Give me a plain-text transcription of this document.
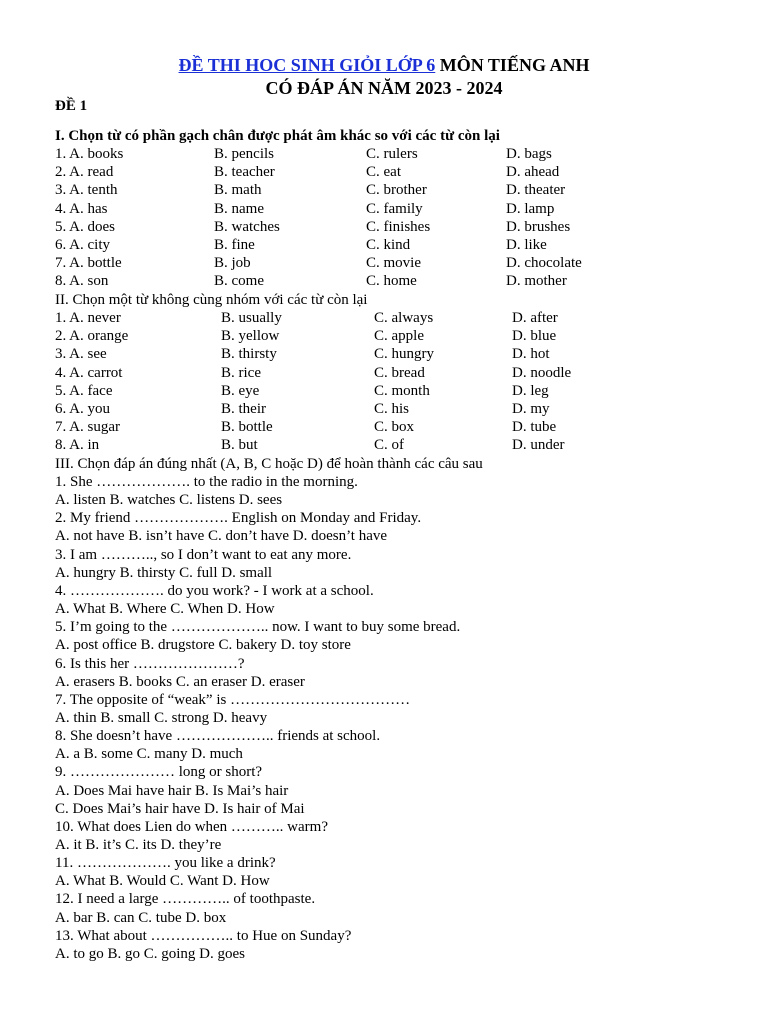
ĐỀ THI HOC SINH GIỎI LỚP 6 MÔN TIẾNG ANH
CÓ ĐÁP ÁN NĂM 2023 - 2024
ĐỀ 1
I. Chọn từ có phần gạch chân được phát âm khác so với các từ còn lại
1. A. books	B. pencils	C. rulers	D. bags
2. A. read	B. teacher	C. eat	D. ahead
3. A. tenth	B. math	C. brother	D. theater
4. A. has	B. name	C. family	D. lamp
5. A. does	B. watches	C. finishes	D. brushes
6. A. city	B. fine	C. kind	D. like
7. A. bottle	B. job	C. movie	D. chocolate
8. A. son	B. come	C. home	D. mother
II. Chọn một từ không cùng nhóm với các từ còn lại
1. A. never	B. usually	C. always	D. after
2. A. orange	B. yellow	C. apple	D. blue
3. A. see	B. thirsty	C. hungry	D. hot
4. A. carrot	B. rice	C. bread	D. noodle
5. A. face	B. eye	C. month	D. leg
6. A. you	B. their	C. his	D. my
7. A. sugar	B. bottle	C. box	D. tube
8. A. in	B. but	C. of	D. under
III. Chọn đáp án đúng nhất (A, B, C hoặc D) để hoàn thành các câu sau
1. She ………………. to the radio in the morning.
A. listen B. watches C. listens D. sees
2. My friend ………………. English on Monday and Friday.
A. not have B. isn’t have C. don’t have D. doesn’t have
3. I am ……….., so I don’t want to eat any more.
A. hungry B. thirsty C. full D. small
4. ………………. do you work? - I work at a school.
A. What B. Where C. When D. How
5. I’m going to the ……………….. now. I want to buy some bread.
A. post office B. drugstore C. bakery D. toy store
6. Is this her …………………?
A. erasers B. books C. an eraser D. eraser
7. The opposite of “weak” is ………………………………
A. thin B. small C. strong D. heavy
8. She doesn’t have ……………….. friends at school.
A. a B. some C. many D. much
9. ………………… long or short?
A. Does Mai have hair B. Is Mai’s hair
C. Does Mai’s hair have D. Is hair of Mai
10. What does Lien do when ……….. warm?
A. it B. it’s C. its D. they’re
11. ………………. you like a drink?
A. What B. Would C. Want D. How
12. I need a large ………….. of toothpaste.
A. bar B. can C. tube D. box
13. What about …………….. to Hue on Sunday?
A. to go B. go C. going D. goes
